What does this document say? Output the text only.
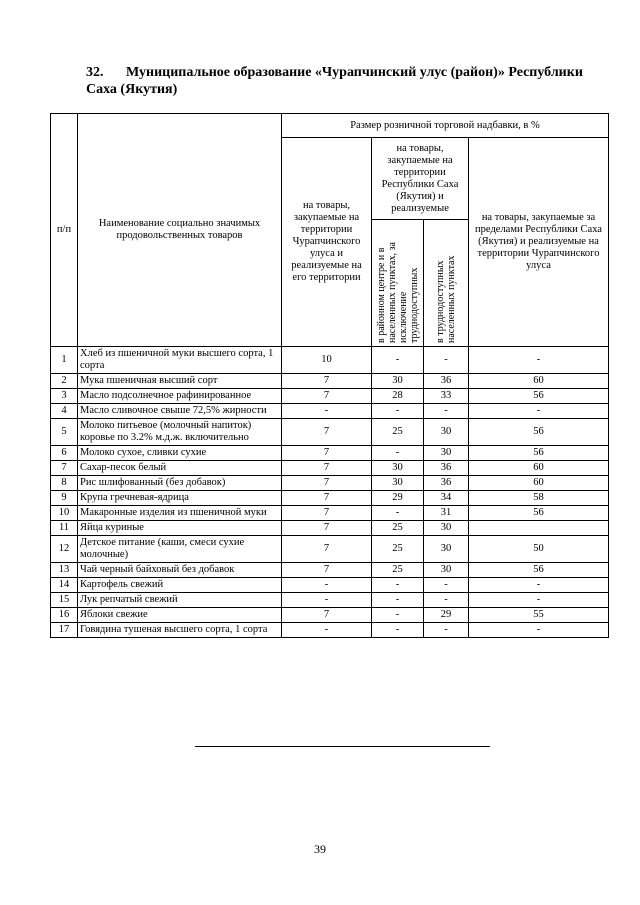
32. Муниципальное образование «Чурапчинский улус (район)» Республики Саха (Якутия)
п/п	Наименование социально значимых продовольственных товаров	Размер розничной торговой надбавки, в %			
		на товары, закупаемые на территории Чурапчинского улуса и реализуемые на его территории	на товары, закупаемые на территории Республики Саха (Якутия) и реализуемые		на товары, закупаемые за пределами Республики Саха (Якутия) и реализуемые на территории Чурапчинского улуса

			в районном центре и в населенных пунктах, за исключение труднодоступных	в труднодоступных населенных пунктах	

1	Хлеб из пшеничной муки высшего сорта, 1 сорта	10	-	-	-
2	Мука пшеничная высший сорт	7	30	36	60
3	Масло подсолнечное рафинированное	7	28	33	56
4	Масло сливочное свыше 72,5% жирности	-	-	-	-
5	Молоко питьевое (молочный напиток) коровье по 3.2% м.д.ж. включительно	7	25	30	56
6	Молоко сухое, сливки сухие	7	-	30	56
7	Сахар-песок белый	7	30	36	60
8	Рис шлифованный (без добавок)	7	30	36	60
9	Крупа гречневая-ядрица	7	29	34	58
10	Макаронные изделия из пшеничной муки	7	-	31	56
11	Яйца куриные	7	25	30	
12	Детское питание (каши, смеси сухие молочные)	7	25	30	50
13	Чай черный байховый без добавок	7	25	30	56
14	Картофель свежий	-	-	-	-
15	Лук репчатый свежий	-	-	-	-
16	Яблоки свежие	7	-	29	55
17	Говядина тушеная высшего сорта, 1 сорта	-	-	-	-
39
